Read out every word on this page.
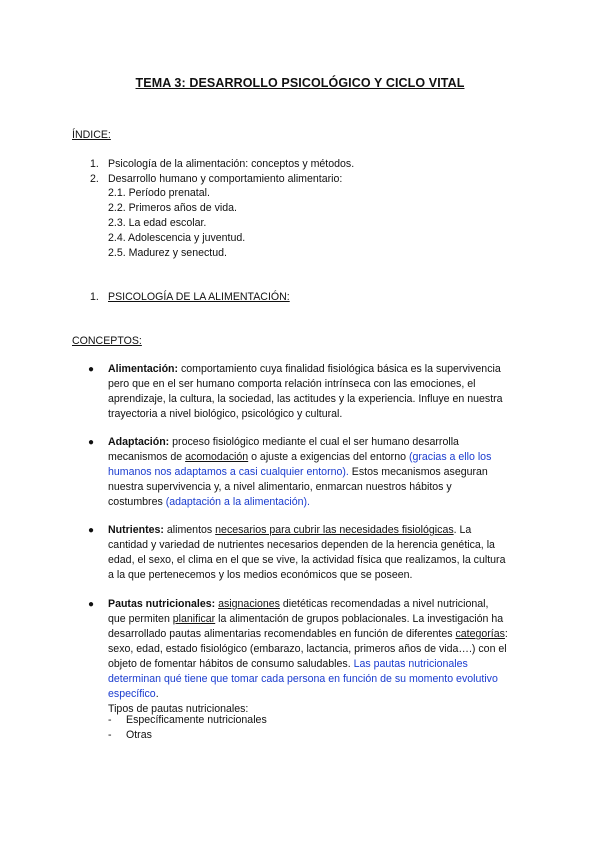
TEMA 3: DESARROLLO PSICOLÓGICO Y CICLO VITAL
ÍNDICE:
1. Psicología de la alimentación: conceptos y métodos.
2. Desarrollo humano y comportamiento alimentario:
2.1. Período prenatal.
2.2. Primeros años de vida.
2.3. La edad escolar.
2.4. Adolescencia y juventud.
2.5. Madurez y senectud.
1. PSICOLOGÍA DE LA ALIMENTACIÓN:
CONCEPTOS:
● Alimentación: comportamiento cuya finalidad fisiológica básica es la supervivencia
pero que en el ser humano comporta relación intrínseca con las emociones, el
aprendizaje, la cultura, la sociedad, las actitudes y la experiencia. Influye en nuestra
trayectoria a nivel biológico, psicológico y cultural.
● Adaptación: proceso fisiológico mediante el cual el ser humano desarrolla
mecanismos de acomodación o ajuste a exigencias del entorno (gracias a ello los
humanos nos adaptamos a casi cualquier entorno). Estos mecanismos aseguran
nuestra supervivencia y, a nivel alimentario, enmarcan nuestros hábitos y
costumbres (adaptación a la alimentación).
● Nutrientes: alimentos necesarios para cubrir las necesidades fisiológicas. La
cantidad y variedad de nutrientes necesarios dependen de la herencia genética, la
edad, el sexo, el clima en el que se vive, la actividad física que realizamos, la cultura
a la que pertenecemos y los medios económicos que se poseen.
● Pautas nutricionales: asignaciones dietéticas recomendadas a nivel nutricional,
que permiten planificar la alimentación de grupos poblacionales. La investigación ha
desarrollado pautas alimentarias recomendables en función de diferentes categorías:
sexo, edad, estado fisiológico (embarazo, lactancia, primeros años de vida….) con el
objeto de fomentar hábitos de consumo saludables. Las pautas nutricionales
determinan qué tiene que tomar cada persona en función de su momento evolutivo
específico.
Tipos de pautas nutricionales:
- Específicamente nutricionales
- Otras
